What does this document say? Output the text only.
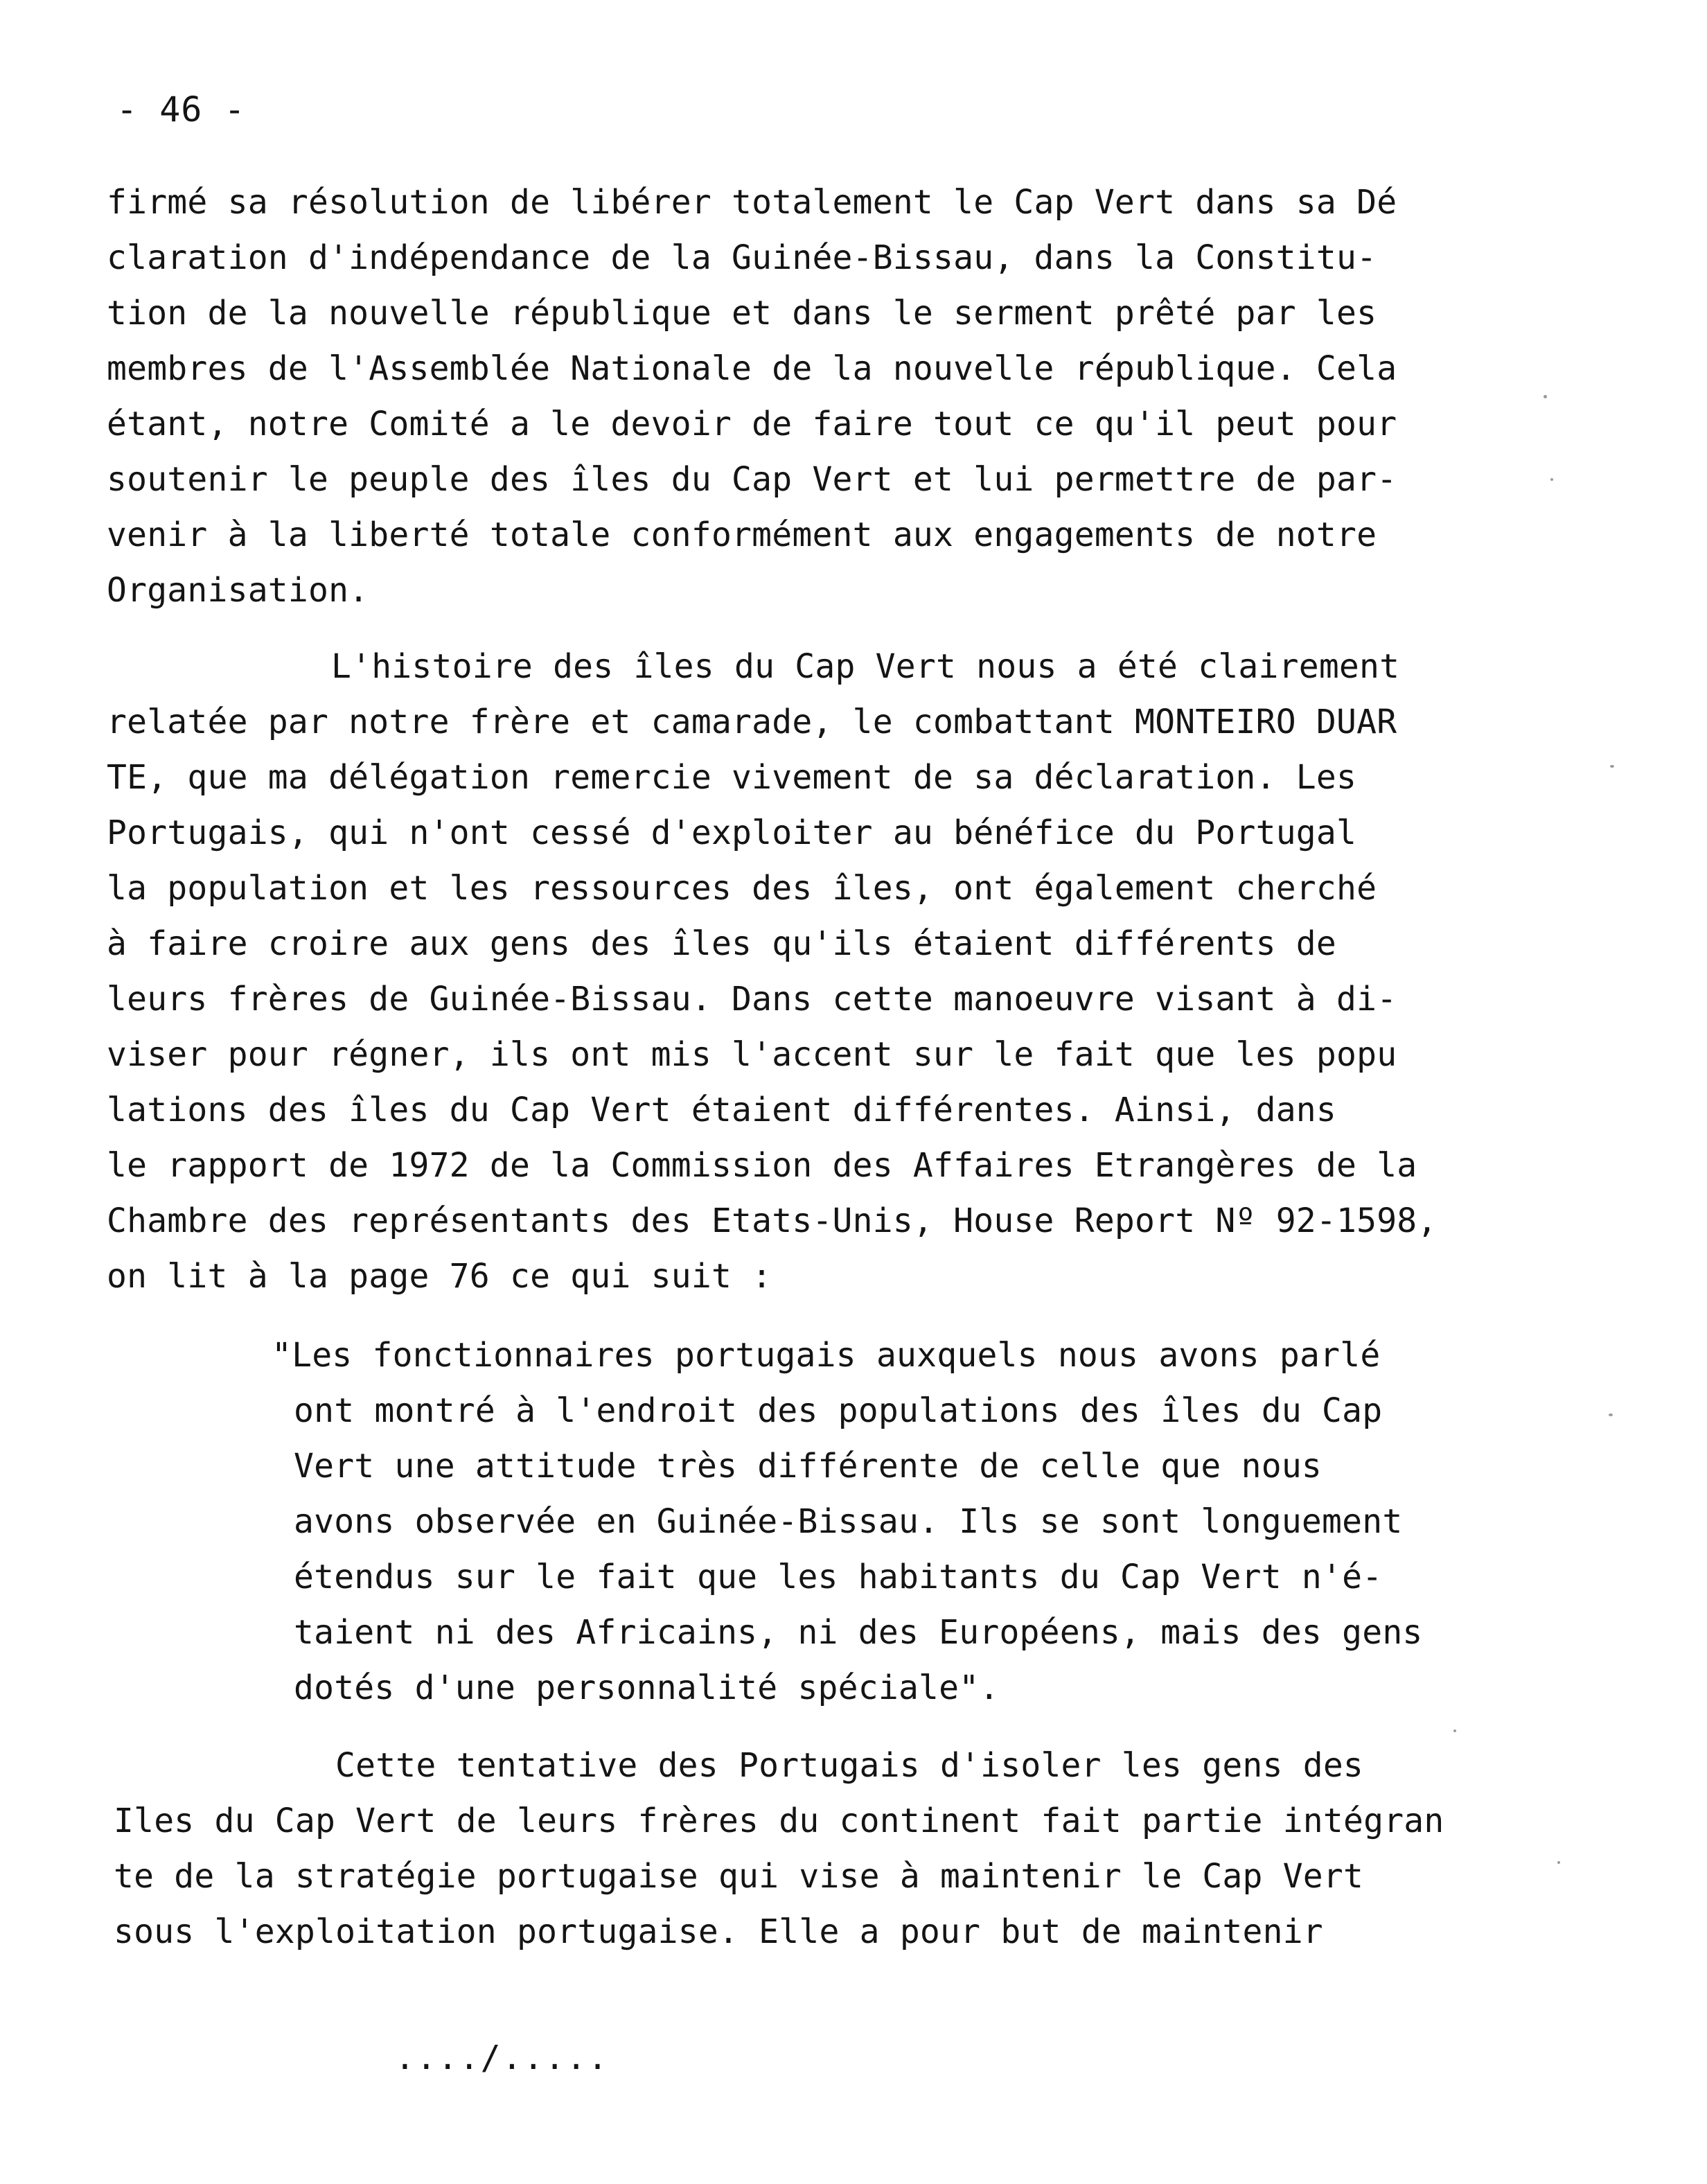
- 46 -
firmé sa résolution de libérer totalement le Cap Vert dans sa Dé
claration d'indépendance de la Guinée-Bissau, dans la Constitu-
tion de la nouvelle république et dans le serment prêté par les
membres de l'Assemblée Nationale de la nouvelle république. Cela
étant, notre Comité a le devoir de faire tout ce qu'il peut pour
soutenir le peuple des îles du Cap Vert et lui permettre de par-
venir à la liberté totale conformément aux engagements de notre
Organisation.
L'histoire des îles du Cap Vert nous a été clairement
relatée par notre frère et camarade, le combattant MONTEIRO DUAR
TE, que ma délégation remercie vivement de sa déclaration. Les
Portugais, qui n'ont cessé d'exploiter au bénéfice du Portugal
la population et les ressources des îles, ont également cherché
à faire croire aux gens des îles qu'ils étaient différents de
leurs frères de Guinée-Bissau. Dans cette manoeuvre visant à di-
viser pour régner, ils ont mis l'accent sur le fait que les popu
lations des îles du Cap Vert étaient différentes. Ainsi, dans
le rapport de 1972 de la Commission des Affaires Etrangères de la
Chambre des représentants des Etats-Unis, House Report Nº 92-1598,
on lit à la page 76 ce qui suit :
"Les fonctionnaires portugais auxquels nous avons parlé
ont montré à l'endroit des populations des îles du Cap
Vert une attitude très différente de celle que nous
avons observée en Guinée-Bissau. Ils se sont longuement
étendus sur le fait que les habitants du Cap Vert n'é-
taient ni des Africains, ni des Européens, mais des gens
dotés d'une personnalité spéciale".
Cette tentative des Portugais d'isoler les gens des
Iles du Cap Vert de leurs frères du continent fait partie intégran
te de la stratégie portugaise qui vise à maintenir le Cap Vert
sous l'exploitation portugaise. Elle a pour but de maintenir
..../.....
